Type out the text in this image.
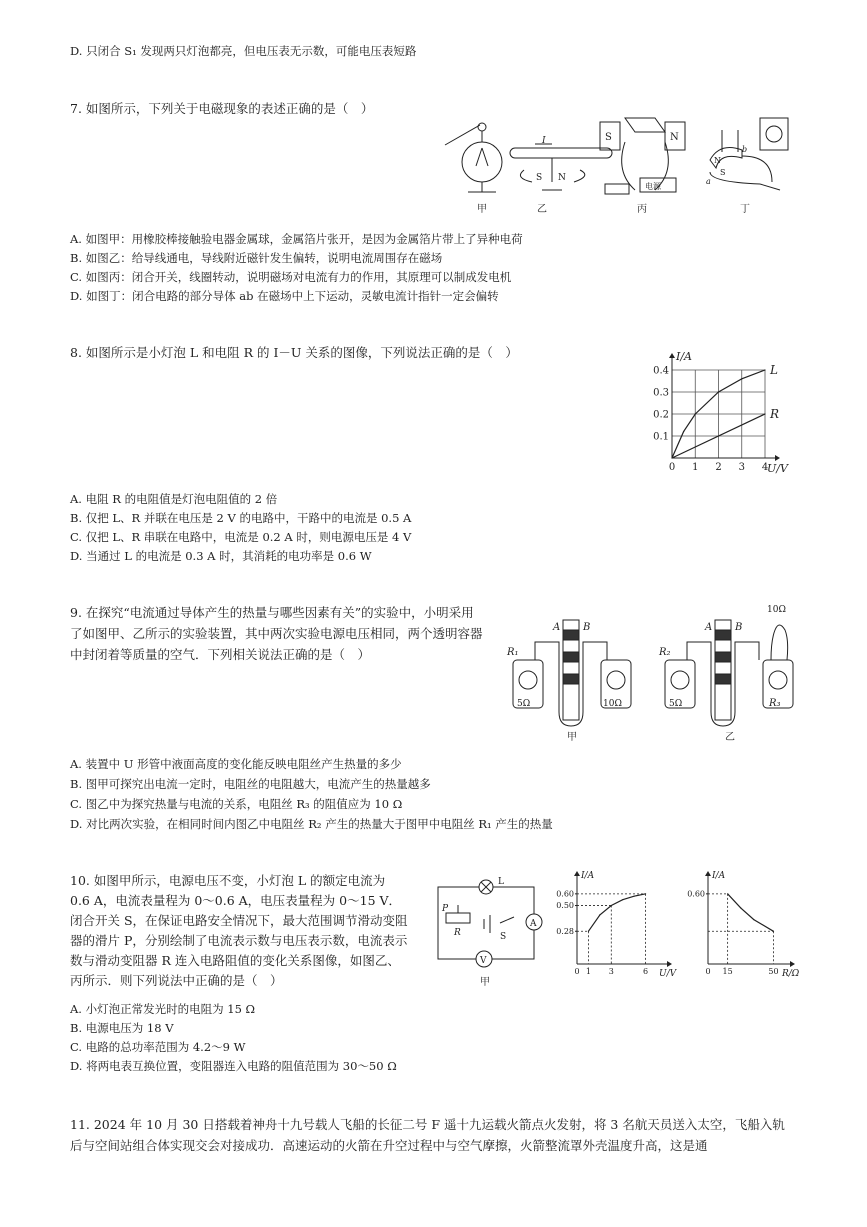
D. 只闭合 S₁ 发现两只灯泡都亮，但电压表无示数，可能电压表短路
7. 如图所示，下列关于电磁现象的表述正确的是（　）
甲
I
S N
乙
S	N
电源
丙
N
S
a
b
丁
A. 如图甲：用橡胶棒接触验电器金属球，金属箔片张开，是因为金属箔片带上了异种电荷
B. 如图乙：给导线通电，导线附近磁针发生偏转，说明电流周围存在磁场
C. 如图丙：闭合开关，线圈转动，说明磁场对电流有力的作用，其原理可以制成发电机
D. 如图丁：闭合电路的部分导体 ab 在磁场中上下运动，灵敏电流计指针一定会偏转
8. 如图所示是小灯泡 L 和电阻 R 的 I－U 关系的图像，下列说法正确的是（　）	I/A
U/V
0 1 2 3 4
0.1
0.2
0.3
0.4	L
R
A. 电阻 R 的电阻值是灯泡电阻值的 2 倍
B. 仅把 L、R 并联在电压是 2 V 的电路中，干路中的电流是 0.5 A
C. 仅把 L、R 串联在电路中，电流是 0.2 A 时，则电源电压是 4 V
D. 当通过 L 的电流是 0.3 A 时，其消耗的电功率是 0.6 W
9. 在探究“电流通过导体产生的热量与哪些因素有关”的实验中，小明采用
了如图甲、乙所示的实验装置，其中两次实验电源电压相同，两个透明容器
中封闭着等质量的空气．下列相关说法正确的是（　）
A B
R₁
5Ω	10Ω
甲
A B
R₂
10Ω
5Ω	R₃
乙
A. 装置中 U 形管中液面高度的变化能反映电阻丝产生热量的多少
B. 图甲可探究出电流一定时，电阻丝的电阻越大，电流产生的热量越多
C. 图乙中为探究热量与电流的关系，电阻丝 R₃ 的阻值应为 10 Ω
D. 对比两次实验，在相同时间内图乙中电阻丝 R₂ 产生的热量大于图甲中电阻丝 R₁ 产生的热量
10. 如图甲所示，电源电压不变，小灯泡 L 的额定电流为
0.6 A，电流表量程为 0～0.6 A，电压表量程为 0～15 V．
闭合开关 S，在保证电路安全情况下，最大范围调节滑动变阻
器的滑片 P，分别绘制了电流表示数与电压表示数，电流表示
数与滑动变阻器 R 连入电路阻值的变化关系图像，如图乙、
丙所示．则下列说法中正确的是（　）
L
A
P
R	S
V
甲
I/A
U/V
0 1 3	6
0.28
0.50
0.60
I/A
R/Ω
0 15	50
0.60
A. 小灯泡正常发光时的电阻为 15 Ω
B. 电源电压为 18 V
C. 电路的总功率范围为 4.2～9 W
D. 将两电表互换位置，变阻器连入电路的阻值范围为 30～50 Ω
11. 2024 年 10 月 30 日搭载着神舟十九号载人飞船的长征二号 F 遥十九运载火箭点火发射，将 3 名航天员送入太空，飞船入轨
后与空间站组合体实现交会对接成功．高速运动的火箭在升空过程中与空气摩擦，火箭整流罩外壳温度升高，这是通
